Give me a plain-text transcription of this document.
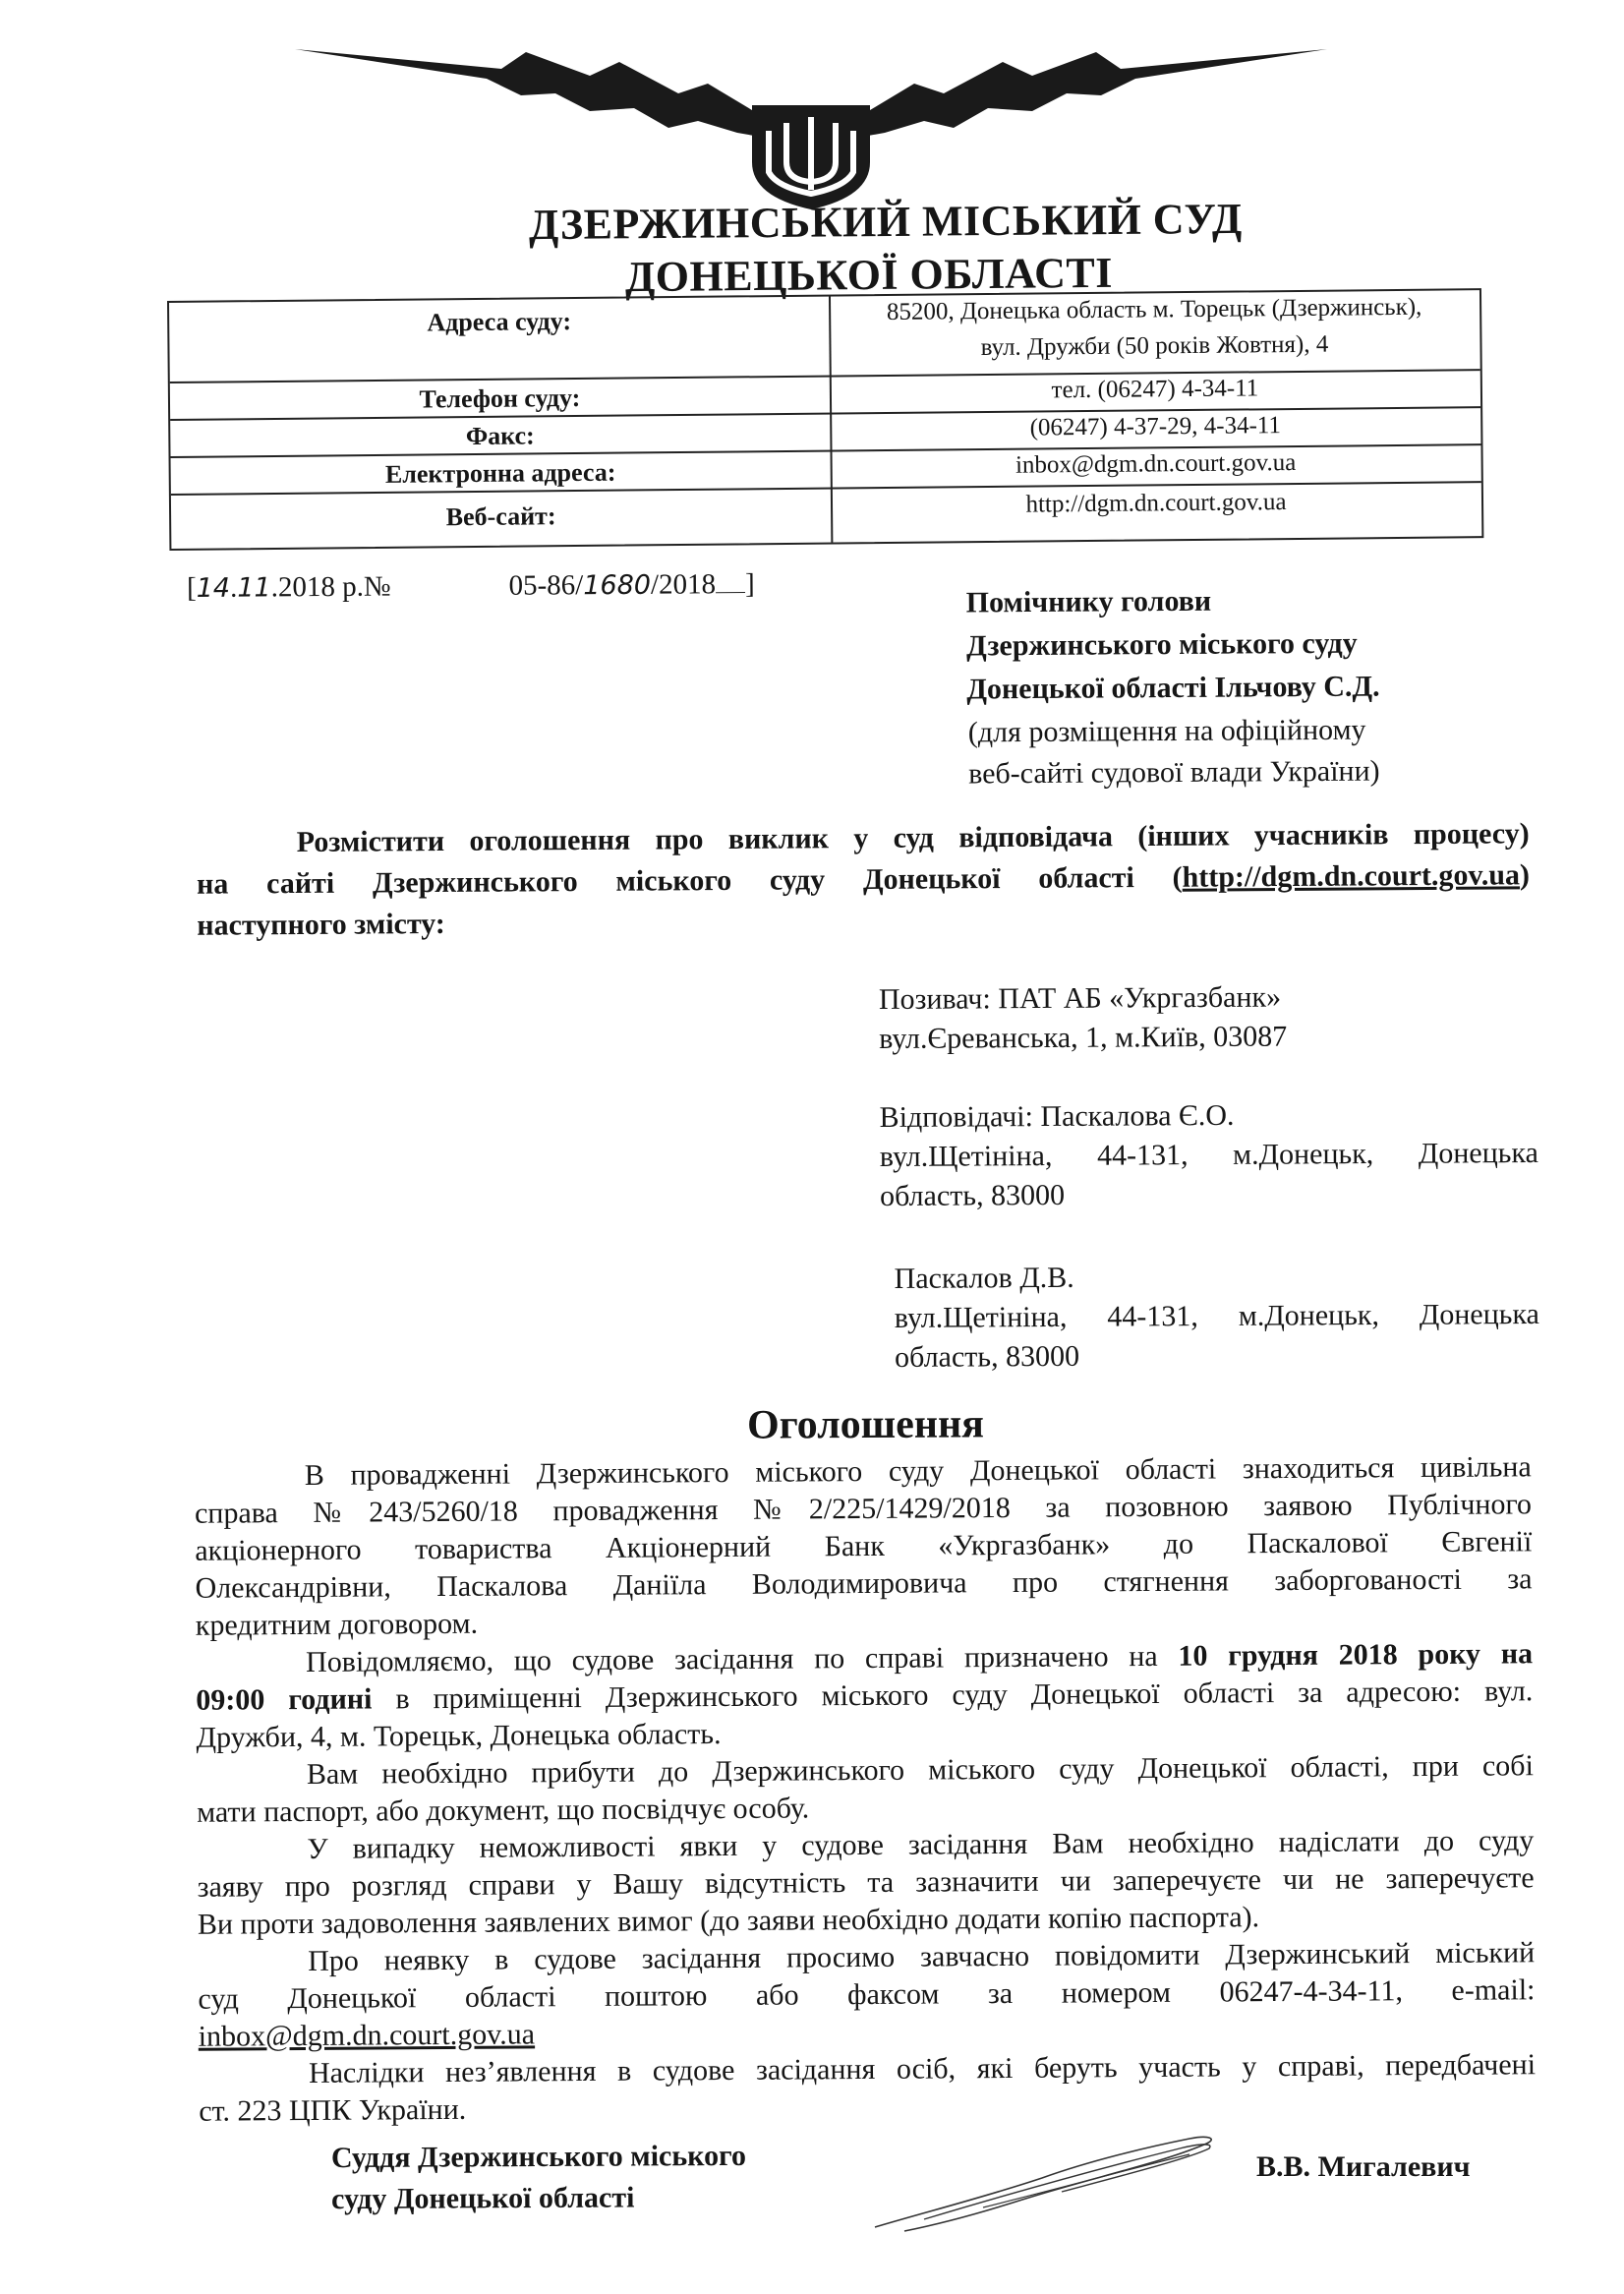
ДЗЕРЖИНСЬКИЙ МІСЬКИЙ СУД
ДОНЕЦЬКОЇ ОБЛАСТІ
Адреса суду:	85200, Донецька область м. Торецьк (Дзержинськ),
вул. Дружби (50 років Жовтня), 4
Телефон суду:	тел. (06247) 4-34-11
Факс:	(06247) 4-37-29, 4-34-11
Електронна адреса:	inbox@dgm.dn.court.gov.ua
Веб-сайт:	http://dgm.dn.court.gov.ua
[14.11.2018 р.№	05-86/1680/2018 ]
Помічнику голови
Дзержинського міського суду
Донецької області Ільчову С.Д.
(для розміщення на офіційному
веб-сайті судової влади України)
Розмістити оголошення про виклик у суд відповідача (інших учасників процесу)
на сайті Дзержинського міського суду Донецької області (http://dgm.dn.court.gov.ua)
наступного змісту:
Позивач: ПАТ АБ «Укргазбанк»
вул.Єреванська, 1, м.Київ, 03087
Відповідачі: Паскалова Є.О.
вул.Щетініна, 44-131, м.Донецьк, Донецька
область, 83000
Паскалов Д.В.
вул.Щетініна, 44-131, м.Донецьк, Донецька
область, 83000
Оголошення
В провадженні Дзержинського міського суду Донецької області знаходиться цивільна
справа №243/5260/18 провадження №2/225/1429/2018 за позовною заявою Публічного
акціонерного товариства Акціонерний Банк «Укргазбанк» до Паскалової Євгенії
Олександрівни, Паскалова Даніїла Володимировича про стягнення заборгованості за
кредитним договором.
Повідомляємо, що судове засідання по справі призначено на 10 грудня 2018 року на
09:00 годині в приміщенні Дзержинського міського суду Донецької області за адресою: вул.
Дружби, 4, м. Торецьк, Донецька область.
Вам необхідно прибути до Дзержинського міського суду Донецької області, при собі
мати паспорт, або документ, що посвідчує особу.
У випадку неможливості явки у судове засідання Вам необхідно надіслати до суду
заяву про розгляд справи у Вашу відсутність та зазначити чи заперечуєте чи не заперечуєте
Ви проти задоволення заявлених вимог (до заяви необхідно додати копію паспорта).
Про неявку в судове засідання просимо завчасно повідомити Дзержинський міський
суд Донецької області поштою або факсом за номером 06247-4-34-11, e-mail:
inbox@dgm.dn.court.gov.ua
Наслідки нез’явлення в судове засідання осіб, які беруть участь у справі, передбачені
ст. 223 ЦПК України.
Суддя Дзержинського міського
суду Донецької області
В.В. Мигалевич
